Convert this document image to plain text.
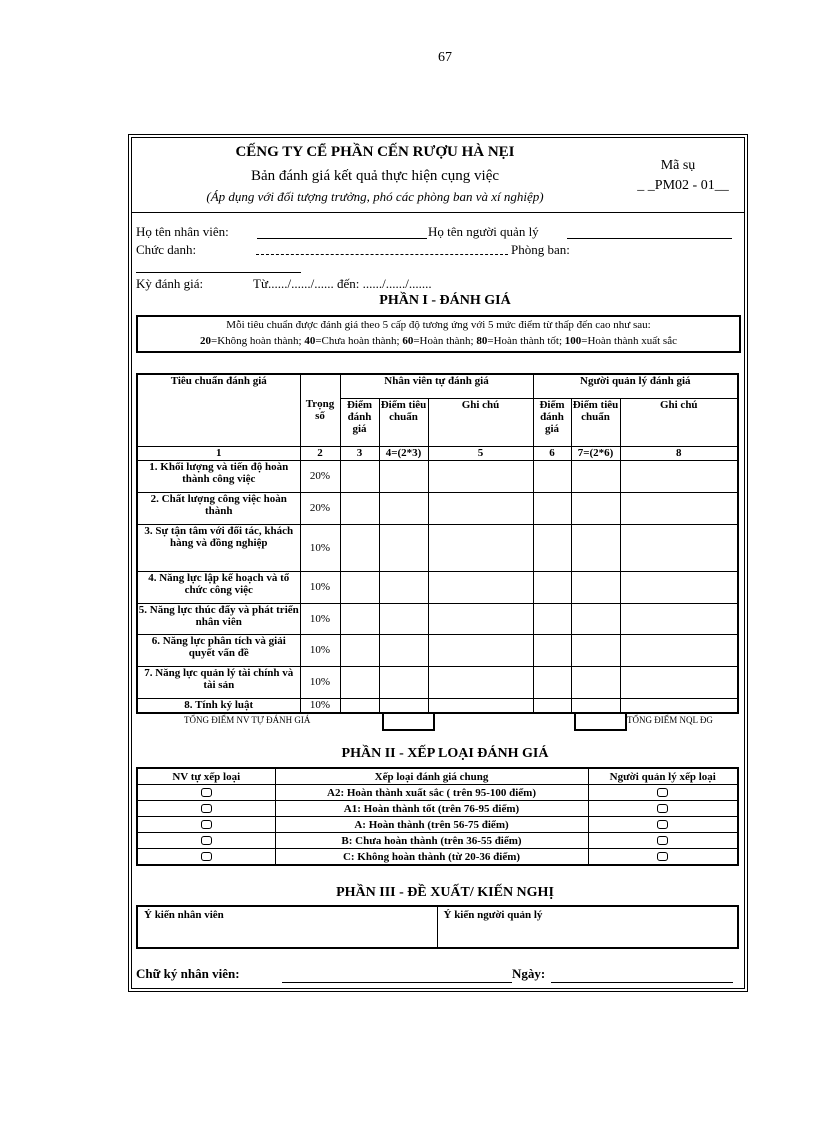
67
CẾNG TY CỂ PHẦN CẾN RƯỢU HÀ NẸI
Bản đánh giá kết quả thực hiện cụng việc
(Áp dụng với đối tượng trưởng, phó các phòng ban và xí nghiệp)
Mã sụ
_ _PM02 - 01__
Họ tên nhân viên:	Họ tên người quản lý
Chức danh:	Phòng ban:
Kỳ đánh giá:	Từ....../....../...... đến: ....../....../.......
PHẦN I - ĐÁNH GIÁ
Mỗi tiêu chuẩn được đánh giá theo 5 cấp độ tương ứng với 5 mức điểm từ thấp đến cao như sau:
20=Không hoàn thành; 40=Chưa hoàn thành; 60=Hoàn thành; 80=Hoàn thành tốt; 100=Hoàn thành xuất sắc
Tiêu chuẩn đánh giá	Trọng số	Nhân viên tự đánh giá			Người quản lý đánh giá		
		Điểm đánh giá	Điểm tiêu chuẩn	Ghi chú	Điểm đánh giá	Điểm tiêu chuẩn	Ghi chú
1	2	3	4=(2*3)	5	6	7=(2*6)	8
1. Khối lượng và tiến độ hoàn thành công việc	20%						
2. Chất lượng công việc hoàn thành	20%						
3. Sự tận tâm với đối tác, khách hàng và đồng nghiệp	10%						
4. Năng lực lập kế hoạch và tổ chức công việc	10%						
5. Năng lực thúc đẩy và phát triển nhân viên	10%						
6. Năng lực phân tích và giải quyết vấn đề	10%						
7. Năng lực quản lý tài chính và tài sản	10%						
8. Tính kỷ luật	10%						
TỔNG ĐIỂM NV TỰ ĐÁNH GIÁ	TỔNG ĐIỂM NQL ĐG
PHẦN II - XẾP LOẠI ĐÁNH GIÁ
NV tự xếp loại	Xếp loại đánh giá chung	Người quản lý xếp loại
	A2: Hoàn thành xuất sắc ( trên 95-100 điểm)	
	A1: Hoàn thành tốt (trên 76-95 điểm)	
	A: Hoàn thành (trên 56-75 điểm)	
	B: Chưa hoàn thành (trên 36-55 điểm)	
	C: Không hoàn thành (từ 20-36 điểm)	
PHẦN III - ĐỀ XUẤT/ KIẾN NGHỊ
Ý kiến nhân viên	Ý kiến người quản lý
Chữ ký nhân viên:	Ngày:
